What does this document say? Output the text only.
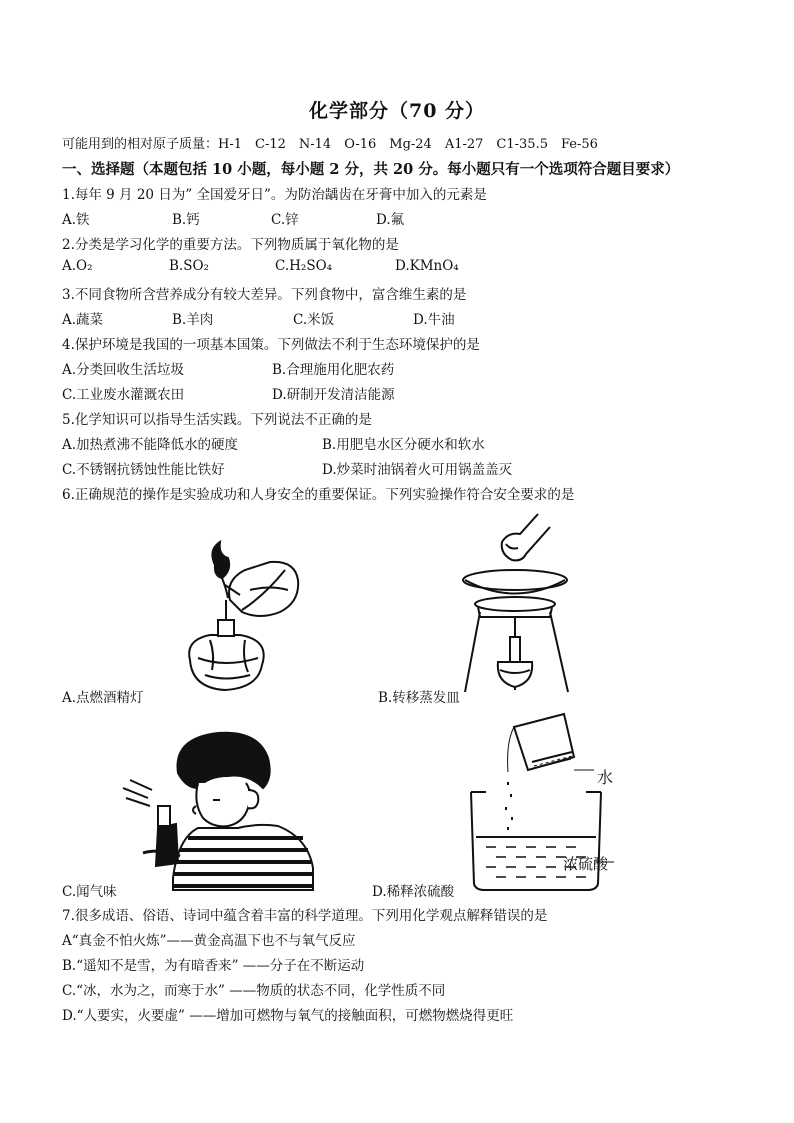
化学部分（70 分）
可能用到的相对原子质量：H-1　C-12　N-14　O-16　Mg-24　A1-27　C1-35.5　Fe-56
一、选择题（本题包括 10 小题，每小题 2 分，共 20 分。每小题只有一个选项符合题目要求）
1.每年 9 月 20 日为” 全国爱牙日”。为防治龋齿在牙膏中加入的元素是
A.铁	B.钙	C.锌	D.氟
2.分类是学习化学的重要方法。下列物质属于氧化物的是
A.O₂	B.SO₂	C.H₂SO₄	D.KMnO₄
3.不同食物所含营养成分有较大差异。下列食物中，富含维生素的是
A.蔬菜	B.羊肉	C.米饭	D.牛油
4.保护环境是我国的一项基本国策。下列做法不利于生态环境保护的是
A.分类回收生活垃圾	B.合理施用化肥农药
C.工业废水灌溉农田	D.研制开发清洁能源
5.化学知识可以指导生活实践。下列说法不正确的是
A.加热煮沸不能降低水的硬度	B.用肥皂水区分硬水和软水
C.不锈钢抗锈蚀性能比铁好	D.炒菜时油锅着火可用锅盖盖灭
6.正确规范的操作是实验成功和人身安全的重要保证。下列实验操作符合安全要求的是
A.点燃酒精灯	B.转移蒸发皿
C.闻气味
水
浓硫酸
D.稀释浓硫酸
7.很多成语、俗语、诗词中蕴含着丰富的科学道理。下列用化学观点解释错误的是
A“真金不怕火炼”——黄金高温下也不与氧气反应
B.“遥知不是雪，为有暗香来” ——分子在不断运动
C.“冰，水为之，而寒于水” ——物质的状态不同，化学性质不同
D.“人要实，火要虚” ——增加可燃物与氧气的接触面积，可燃物燃烧得更旺
